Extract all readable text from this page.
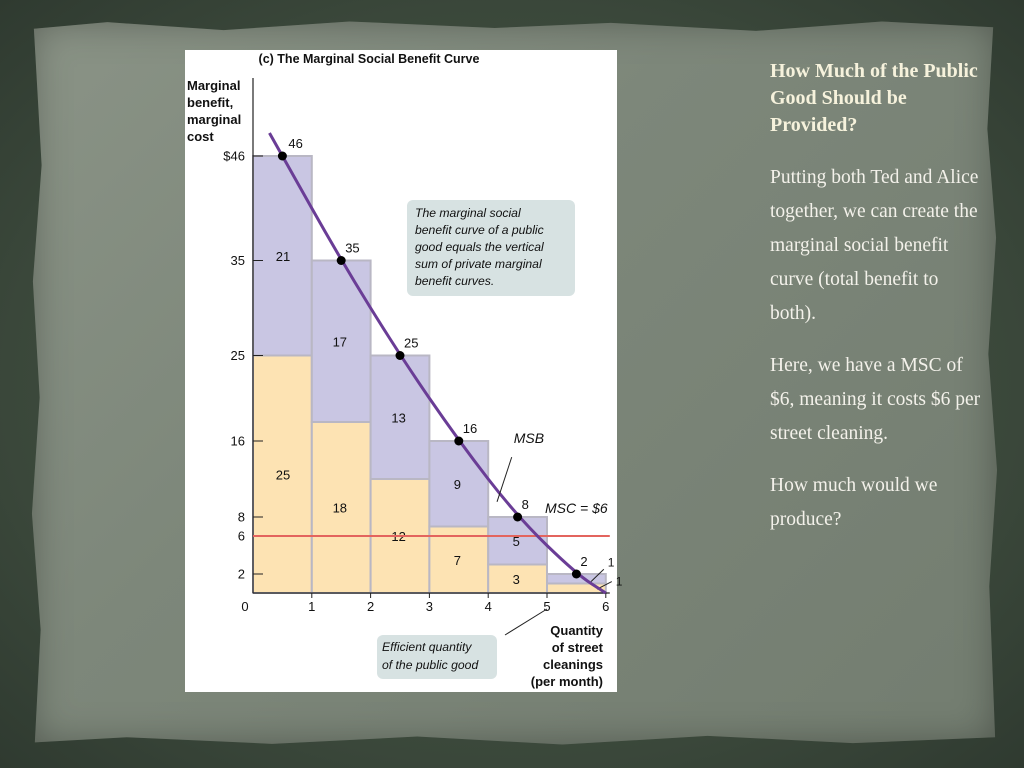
(c) The Marginal Social Benefit Curve
Marginal
benefit,
marginal
cost
2
6
8
16
25
35
$46
0	1	2	3	4	5	6
25
21
18
17
12
13
7
9
3
5
1
1
MSC = $6
46
35
25
16
8
2
MSB
The marginal social
benefit curve of a public
good equals the vertical
sum of private marginal
benefit curves.
Efficient quantity
of the public good
Quantity
of street
cleanings
(per month)
How Much of the Public Good Should be Provided?

Putting both Ted and Alice together, we can create the marginal social benefit curve (total benefit to both).

Here, we have a MSC of $6, meaning it costs $6 per street cleaning.

How much would we produce?
